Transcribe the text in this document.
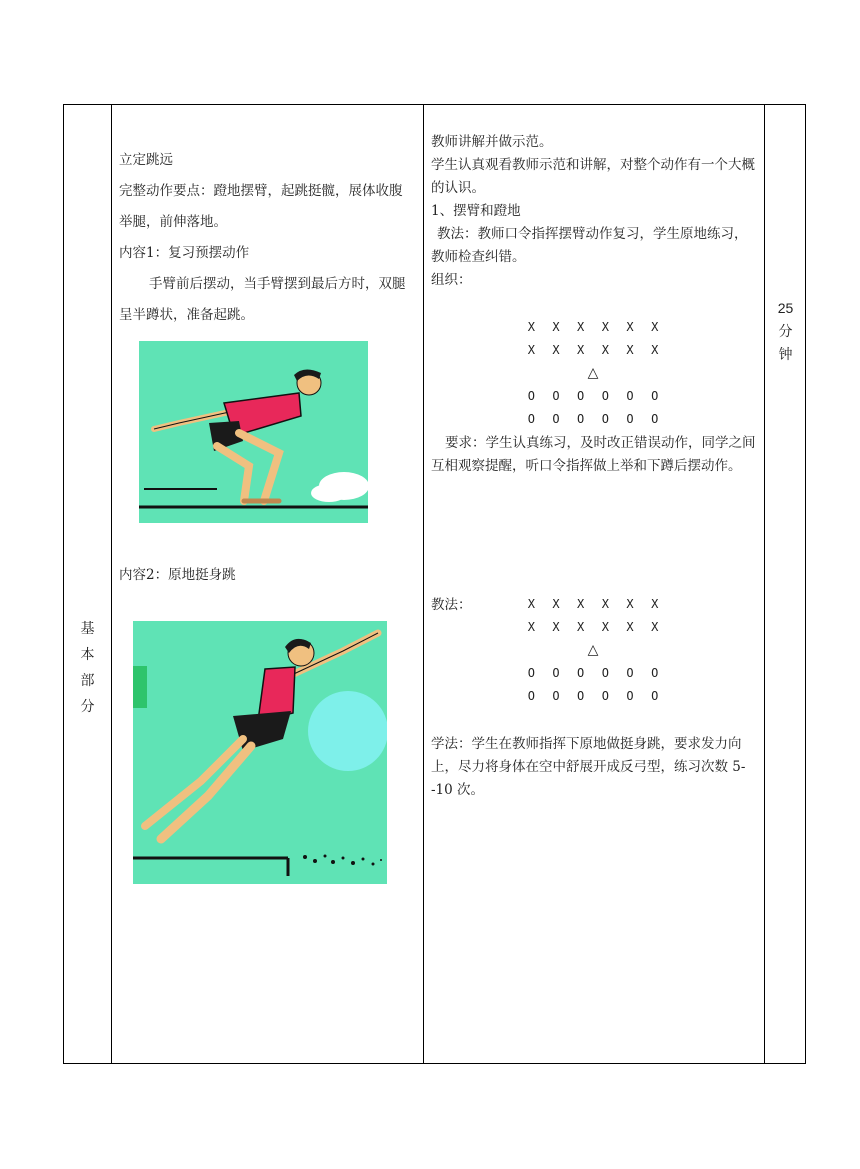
基
本
部
分

立定跳远

完整动作要点：蹬地摆臂，起跳挺髋，展体收腹举腿，前伸落地。

内容1：复习预摆动作

手臂前后摆动，当手臂摆到最后方时，双腿呈半蹲状，准备起跳。

内容2：原地挺身跳

教师讲解并做示范。

学生认真观看教师示范和讲解，对整个动作有一个大概的认识。

1、摆臂和蹬地

教法：教师口令指挥摆臂动作复习，学生原地练习，教师检查纠错。

组织：

X  X  X  X  X  X
X  X  X  X  X  X
△
O  O  O  O  O  O
O  O  O  O  O  O

要求：学生认真练习，及时改正错误动作，同学之间互相观察提醒，听口令指挥做上举和下蹲后摆动作。

教法：	X  X  X  X  X  X
X  X  X  X  X  X
△
O  O  O  O  O  O
O  O  O  O  O  O

学法：学生在教师指挥下原地做挺身跳，要求发力向上，尽力将身体在空中舒展开成反弓型，练习次数 5--10 次。

25
分
钟
